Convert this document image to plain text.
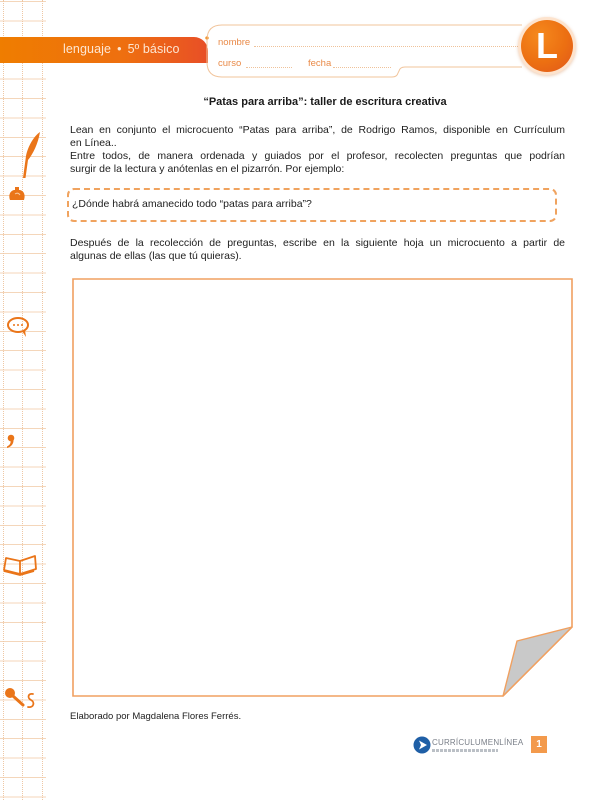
lenguaje • 5º básico	nombre
curso	fecha	L
“Patas para arriba”: taller de escritura creativa
Lean en conjunto el microcuento “Patas para arriba”, de Rodrigo Ramos, disponible en Currículum
en Línea..
Entre todos, de manera ordenada y guiados por el profesor, recolecten preguntas que podrían
surgir de la lectura y anótenlas en el pizarrón. Por ejemplo:
¿Dónde habrá amanecido todo “patas para arriba”?
Después de la recolección de preguntas, escribe en la siguiente hoja un microcuento a partir de
algunas de ellas (las que tú quieras).
Elaborado por Magdalena Flores Ferrés.
CURRÍCULUMENLÍNEA	1
